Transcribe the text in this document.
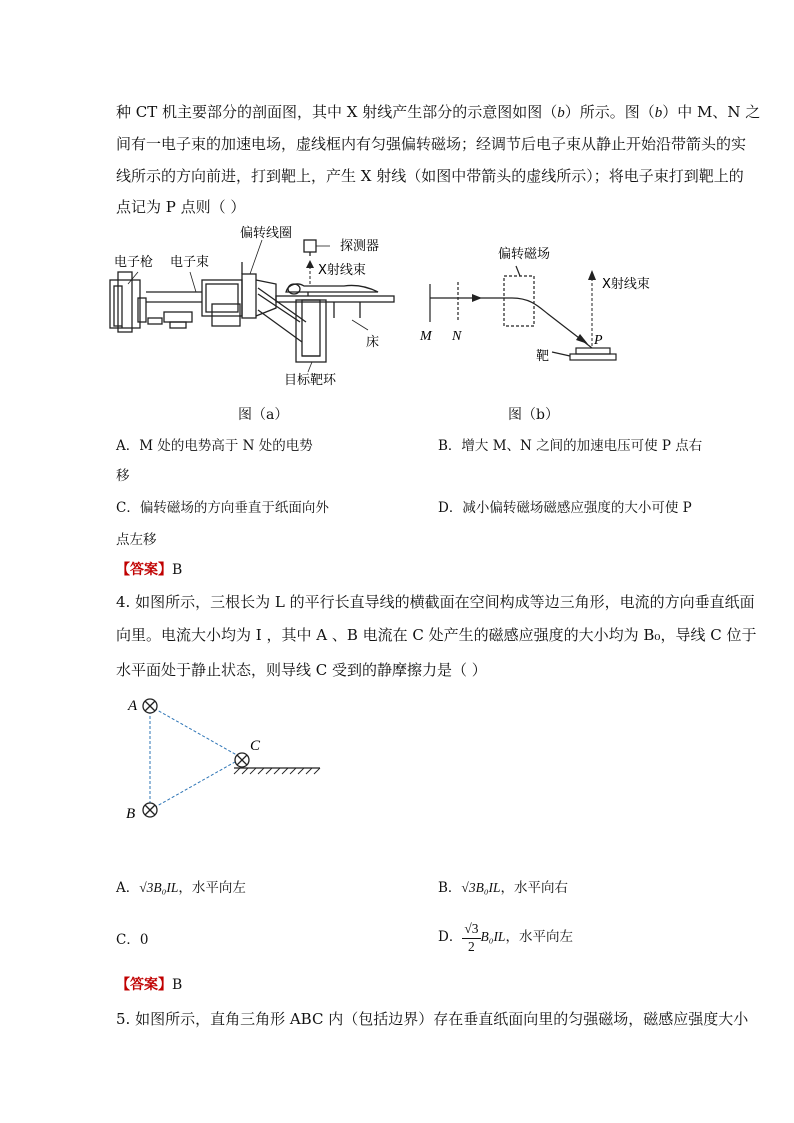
种 CT 机主要部分的剖面图，其中 X 射线产生部分的示意图如图（b）所示。图（b）中 M、N 之
间有一电子束的加速电场，虚线框内有匀强偏转磁场；经调节后电子束从静止开始沿带箭头的实
线所示的方向前进，打到靶上，产生 X 射线（如图中带箭头的虚线所示）；将电子束打到靶上的
点记为 P 点则（ ）
偏转线圈
探测器
电子枪 电子束
X射线束
床
目标靶环
图（a）
偏转磁场
X射线束
M N	P
靶
图（b）
A．M 处的电势高于 N 处的电势	B．增大 M、N 之间的加速电压可使 P 点右
移
C．偏转磁场的方向垂直于纸面向外	D．减小偏转磁场磁感应强度的大小可使 P
点左移
【答案】B
4. 如图所示，三根长为 L 的平行长直导线的横截面在空间构成等边三角形，电流的方向垂直纸面
向里。电流大小均为 I ，其中 A 、B 电流在 C 处产生的磁感应强度的大小均为 B₀，导线 C 位于
水平面处于静止状态，则导线 C 受到的静摩擦力是（ ）
A
B
C
A．√3B₀IL，水平向左	B．√3B₀IL，水平向右
C．0	D． $\frac{√3}{2} B_0IL$，水平向左
【答案】B
5. 如图所示，直角三角形 ABC 内（包括边界）存在垂直纸面向里的匀强磁场，磁感应强度大小
